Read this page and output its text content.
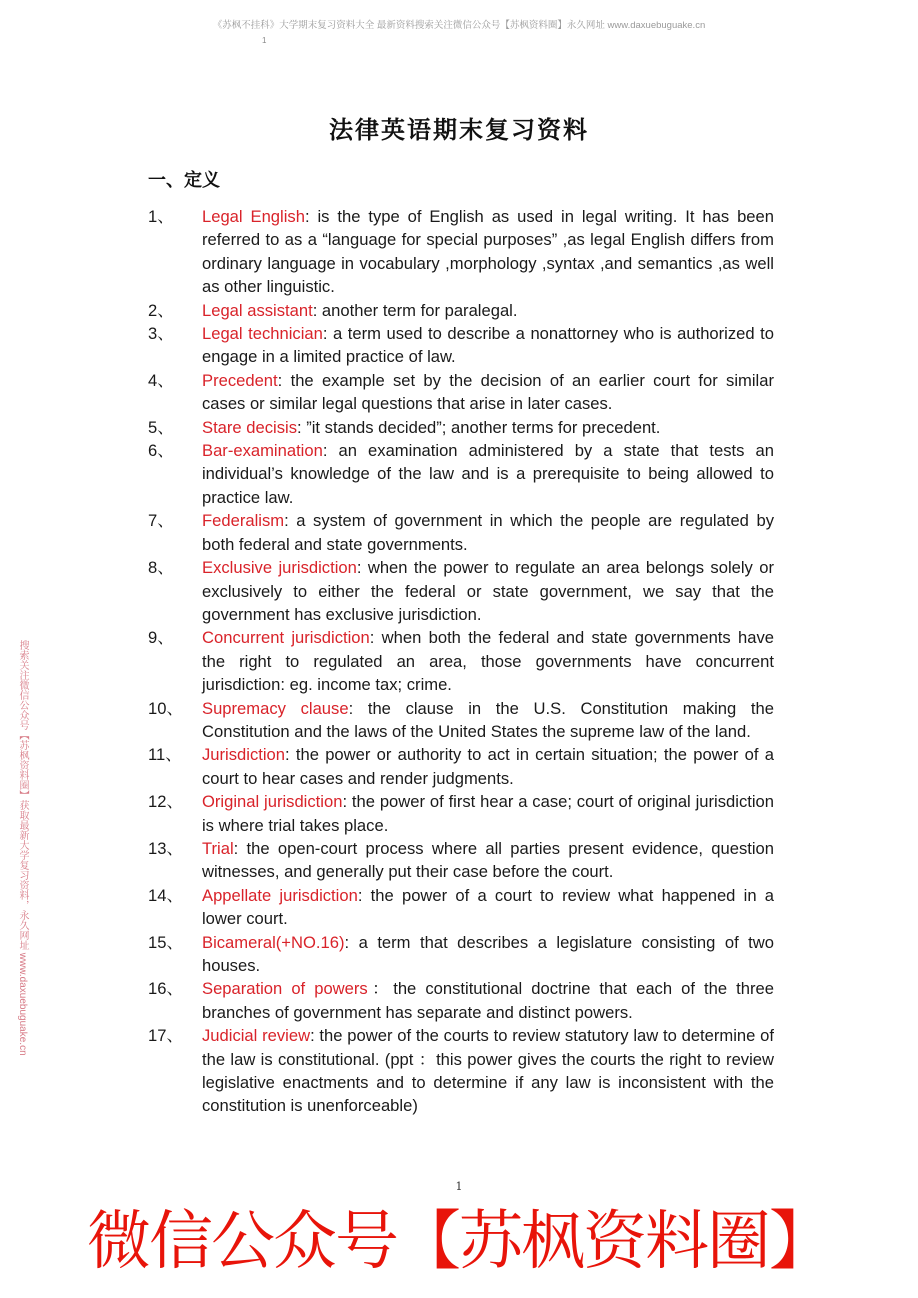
《苏枫不挂科》大学期末复习资料大全 最新资料搜索关注微信公众号【苏枫资料圈】永久网址 www.daxuebuguake.cn
1
法律英语期末复习资料
一、定义
1、	Legal English: is the type of English as used in legal writing. It has been referred to as a “language for special purposes” ,as legal English differs from ordinary language in vocabulary ,morphology ,syntax ,and semantics ,as well as other linguistic.
2、	Legal assistant: another term for paralegal.
3、	Legal technician: a term used to describe a nonattorney who is authorized to engage in a limited practice of law.
4、	Precedent: the example set by the decision of an earlier court for similar cases or similar legal questions that arise in later cases.
5、	Stare decisis: ”it stands decided”; another terms for precedent.
6、	Bar-examination: an examination administered by a state that tests an individual’s knowledge of the law and is a prerequisite to being allowed to practice law.
7、	Federalism: a system of government in which the people are regulated by both federal and state governments.
8、	Exclusive jurisdiction: when the power to regulate an area belongs solely or exclusively to either the federal or state government, we say that the government has exclusive jurisdiction.
9、	Concurrent jurisdiction: when both the federal and state governments have the right to regulated an area, those governments have concurrent jurisdiction: eg. income tax; crime.
10、	Supremacy clause: the clause in the U.S. Constitution making the Constitution and the laws of the United States the supreme law of the land.
11、	Jurisdiction: the power or authority to act in certain situation; the power of a court to hear cases and render judgments.
12、	Original jurisdiction: the power of first hear a case; court of original jurisdiction is where trial takes place.
13、	Trial: the open-court process where all parties present evidence, question witnesses, and generally put their case before the court.
14、	Appellate jurisdiction: the power of a court to review what happened in a lower court.
15、	Bicameral(+NO.16): a term that describes a legislature consisting of two houses.
16、	Separation of powers：the constitutional doctrine that each of the three branches of government has separate and distinct powers.
17、	Judicial review: the power of the courts to review statutory law to determine of the law is constitutional. (ppt ：this power gives the courts the right to review legislative enactments and to determine if any law is inconsistent with the constitution is unenforceable)
1
搜索关注微信公众号【苏枫资料圈】获取最新大学复习资料，永久网址 www.daxuebuguake.cn
微信公众号【苏枫资料圈】
